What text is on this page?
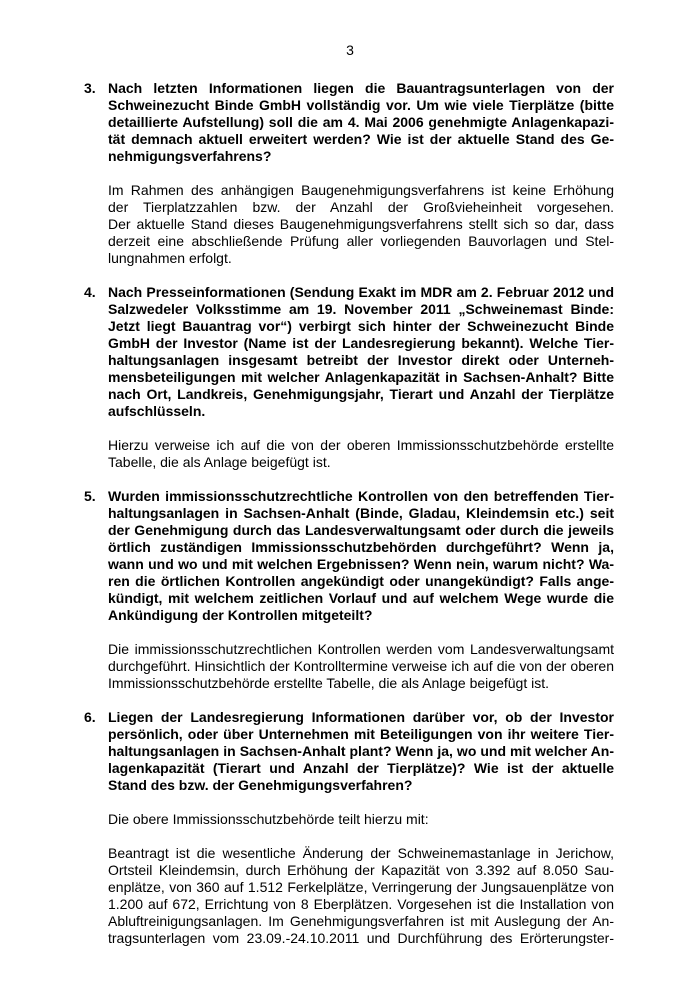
3
3. Nach letzten Informationen liegen die Bauantragsunterlagen von der
Schweinezucht Binde GmbH vollständig vor. Um wie viele Tierplätze (bitte
detaillierte Aufstellung) soll die am 4. Mai 2006 genehmigte Anlagenkapazi-
tät demnach aktuell erweitert werden? Wie ist der aktuelle Stand des Ge-
nehmigungsverfahrens?
Im Rahmen des anhängigen Baugenehmigungsverfahrens ist keine Erhöhung
der Tierplatzzahlen bzw. der Anzahl der Großvieheinheit vorgesehen.
Der aktuelle Stand dieses Baugenehmigungsverfahrens stellt sich so dar, dass
derzeit eine abschließende Prüfung aller vorliegenden Bauvorlagen und Stel-
lungnahmen erfolgt.
4. Nach Presseinformationen (Sendung Exakt im MDR am 2. Februar 2012 und
Salzwedeler Volksstimme am 19. November 2011 „Schweinemast Binde:
Jetzt liegt Bauantrag vor“) verbirgt sich hinter der Schweinezucht Binde
GmbH der Investor (Name ist der Landesregierung bekannt). Welche Tier-
haltungsanlagen insgesamt betreibt der Investor direkt oder Unterneh-
mensbeteiligungen mit welcher Anlagenkapazität in Sachsen-Anhalt? Bitte
nach Ort, Landkreis, Genehmigungsjahr, Tierart und Anzahl der Tierplätze
aufschlüsseln.
Hierzu verweise ich auf die von der oberen Immissionsschutzbehörde erstellte
Tabelle, die als Anlage beigefügt ist.
5. Wurden immissionsschutzrechtliche Kontrollen von den betreffenden Tier-
haltungsanlagen in Sachsen-Anhalt (Binde, Gladau, Kleindemsin etc.) seit
der Genehmigung durch das Landesverwaltungsamt oder durch die jeweils
örtlich zuständigen Immissionsschutzbehörden durchgeführt? Wenn ja,
wann und wo und mit welchen Ergebnissen? Wenn nein, warum nicht? Wa-
ren die örtlichen Kontrollen angekündigt oder unangekündigt? Falls ange-
kündigt, mit welchem zeitlichen Vorlauf und auf welchem Wege wurde die
Ankündigung der Kontrollen mitgeteilt?
Die immissionsschutzrechtlichen Kontrollen werden vom Landesverwaltungsamt
durchgeführt. Hinsichtlich der Kontrolltermine verweise ich auf die von der oberen
Immissionsschutzbehörde erstellte Tabelle, die als Anlage beigefügt ist.
6. Liegen der Landesregierung Informationen darüber vor, ob der Investor
persönlich, oder über Unternehmen mit Beteiligungen von ihr weitere Tier-
haltungsanlagen in Sachsen-Anhalt plant? Wenn ja, wo und mit welcher An-
lagenkapazität (Tierart und Anzahl der Tierplätze)? Wie ist der aktuelle
Stand des bzw. der Genehmigungsverfahren?
Die obere Immissionsschutzbehörde teilt hierzu mit:
Beantragt ist die wesentliche Änderung der Schweinemastanlage in Jerichow,
Ortsteil Kleindemsin, durch Erhöhung der Kapazität von 3.392 auf 8.050 Sau-
enplätze, von 360 auf 1.512 Ferkelplätze, Verringerung der Jungsauenplätze von
1.200 auf 672, Errichtung von 8 Eberplätzen. Vorgesehen ist die Installation von
Abluftreinigungsanlagen. Im Genehmigungsverfahren ist mit Auslegung der An-
tragsunterlagen vom 23.09.-24.10.2011 und Durchführung des Erörterungster-
